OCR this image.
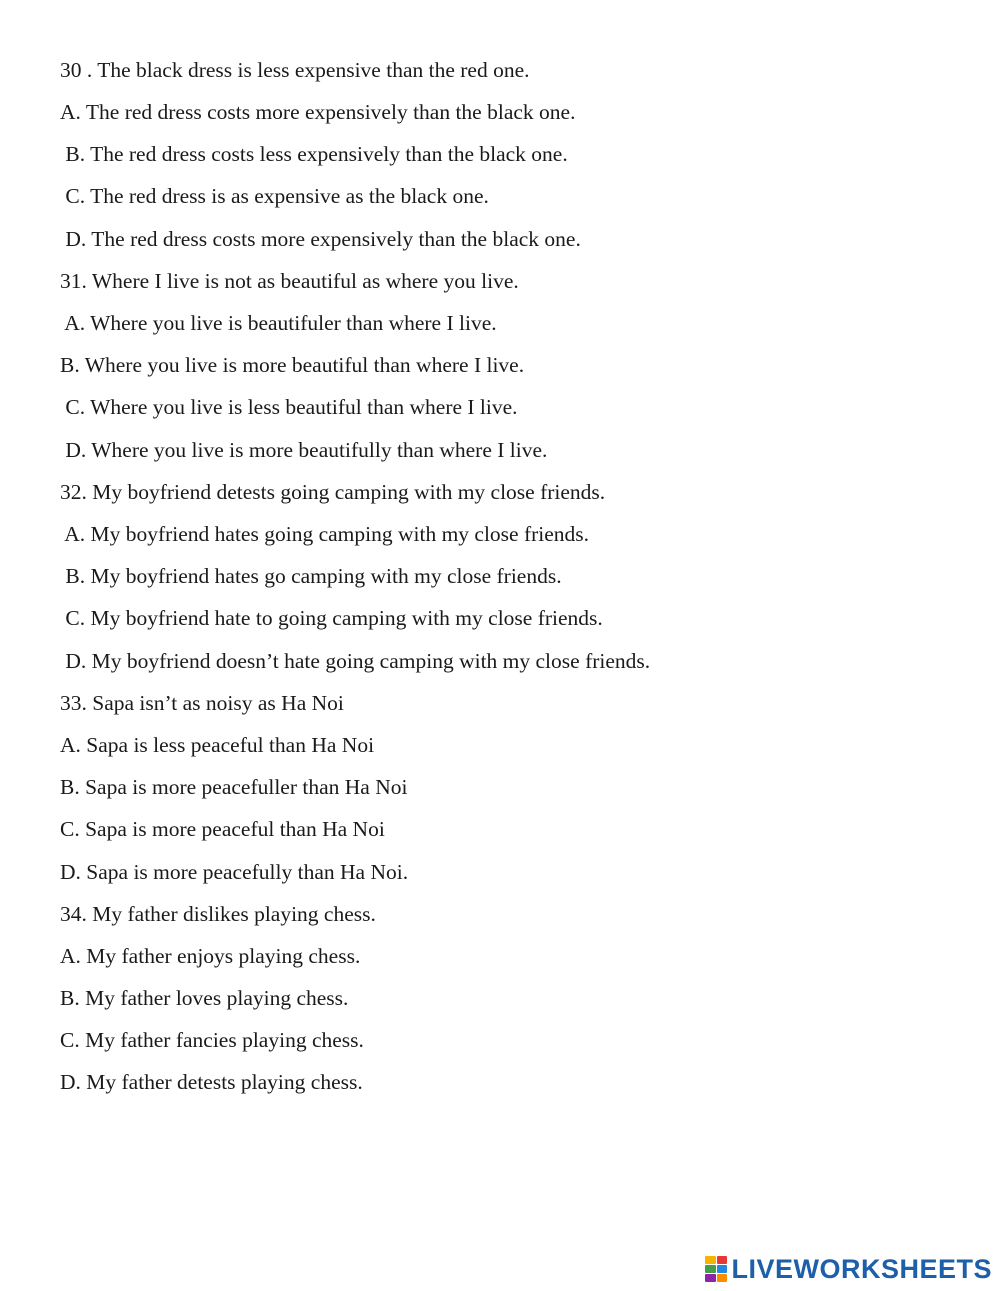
30 . The black dress is less expensive than the red one.
A. The red dress costs more expensively than the black one.
B. The red dress costs less expensively than the black one.
C. The red dress is as expensive as the black one.
D. The red dress costs more expensively than the black one.
31. Where I live is not as beautiful as where you live.
A. Where you live is beautifuler than where I live.
B. Where you live is more beautiful than where I live.
C. Where you live is less beautiful than where I live.
D. Where you live is more beautifully than where I live.
32. My boyfriend detests going camping with my close friends.
A. My boyfriend hates going camping with my close friends.
B. My boyfriend hates go camping with my close friends.
C. My boyfriend hate to going camping with my close friends.
D. My boyfriend doesn’t hate going camping with my close friends.
33. Sapa isn’t as noisy as Ha Noi
A. Sapa is less peaceful than Ha Noi
B. Sapa is more peacefuller than Ha Noi
C. Sapa is more peaceful than Ha Noi
D. Sapa is more peacefully than Ha Noi.
34. My father dislikes playing chess.
A. My father enjoys playing chess.
B. My father loves playing chess.
C. My father fancies playing chess.
D. My father detests playing chess.
LIVEWORKSHEETS
